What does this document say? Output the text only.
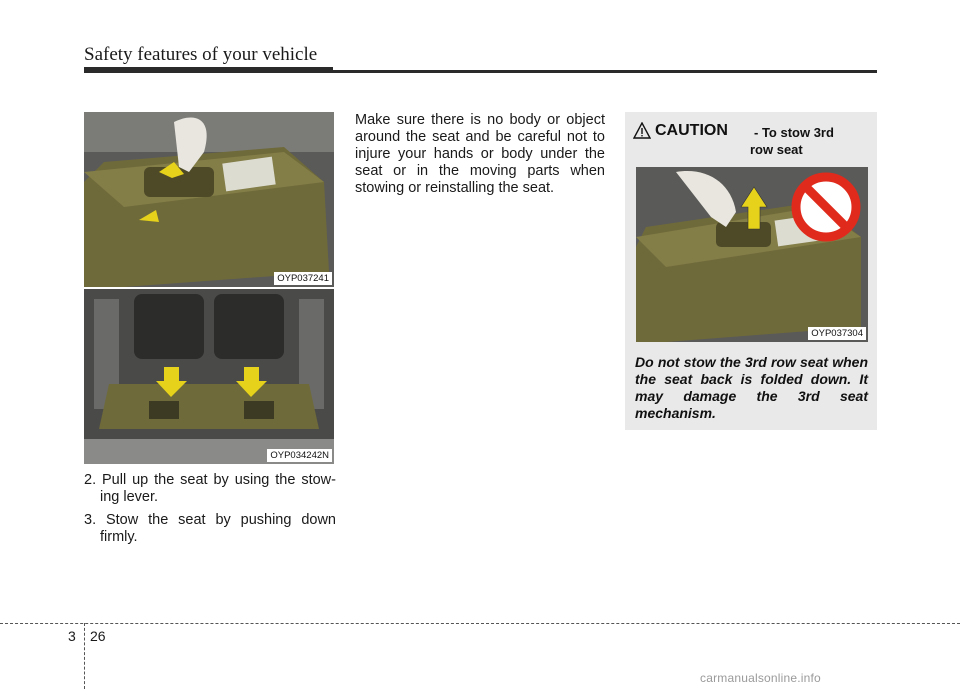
Safety features of your vehicle
OYP037241
OYP034242N

2. Pull up the seat by using the stow-ing lever.

3. Stow the seat by pushing down firmly.

Make sure there is no body or object around the seat and be careful not to injure your hands or body under the seat or in the moving parts when stowing or reinstalling the seat.
CAUTION - To stow 3rd
row seat
OYP037304
Do not stow the 3rd row seat when the seat back is folded down. It may damage the 3rd seat mechanism.
3 26
carmanualsonline.info
